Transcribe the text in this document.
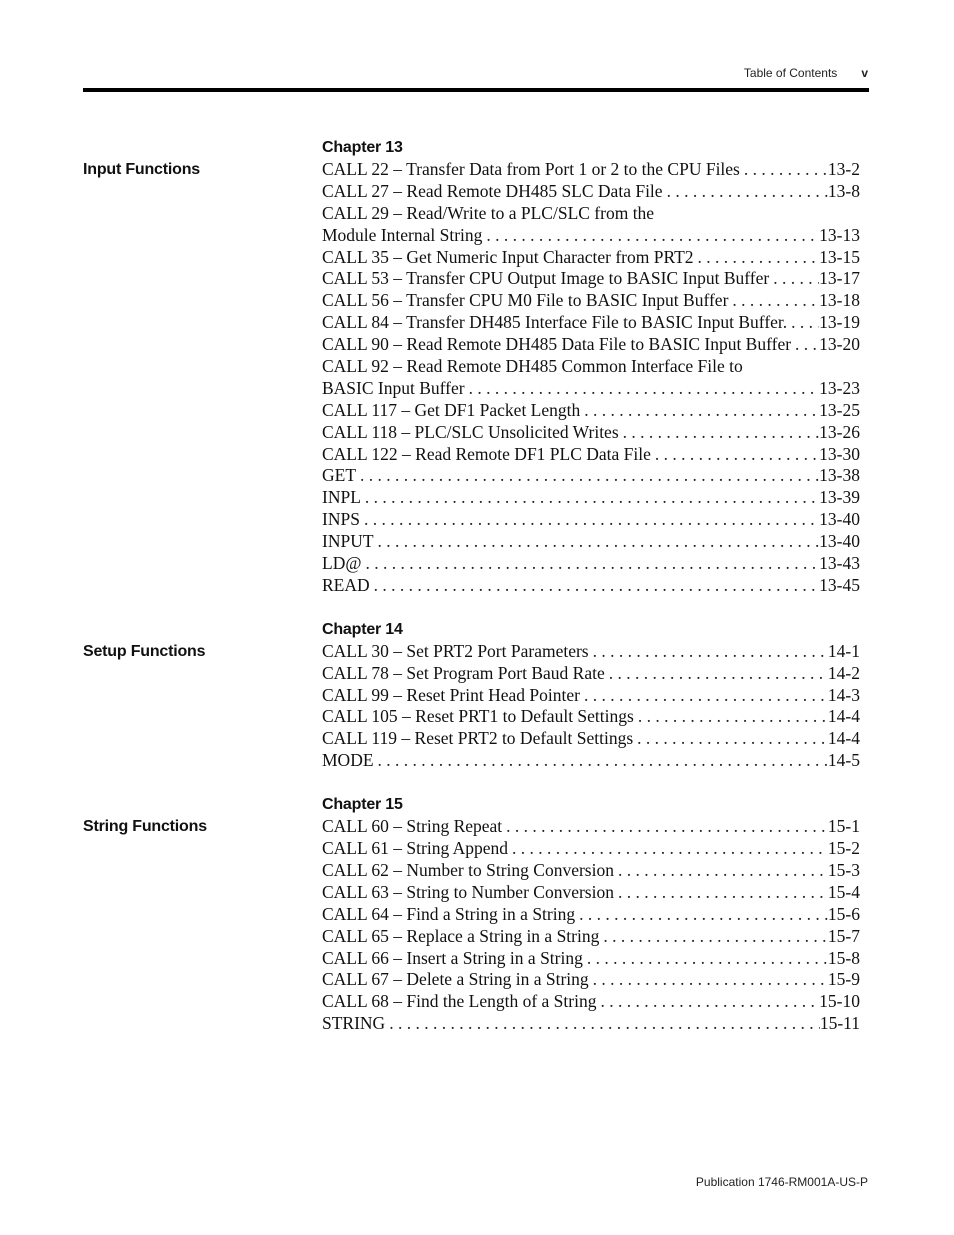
Table of Contents v
Chapter 13
Input Functions	CALL 22 – Transfer Data from Port 1 or 2 to the CPU Files . . .	13-2
CALL 27 – Read Remote DH485 SLC Data File . . .	13-8
CALL 29 – Read/Write to a PLC/SLC from the
Module Internal String . . .	13-13
CALL 35 – Get Numeric Input Character from PRT2 . . .	13-15
CALL 53 – Transfer CPU Output Image to BASIC Input Buffer . . .	13-17
CALL 56 – Transfer CPU M0 File to BASIC Input Buffer . . .	13-18
CALL 84 – Transfer DH485 Interface File to BASIC Input Buffer. . . . 13-19
CALL 90 – Read Remote DH485 Data File to BASIC Input Buffer . . . 13-20
CALL 92 – Read Remote DH485 Common Interface File to
BASIC Input Buffer . . .	13-23
CALL 117 – Get DF1 Packet Length . . .	13-25
CALL 118 – PLC/SLC Unsolicited Writes . . .	13-26
CALL 122 – Read Remote DF1 PLC Data File . . .	13-30
GET . . .	13-38
INPL . . .	13-39
INPS . . .	13-40
INPUT . . .	13-40
LD@ . . .	13-43
READ . . .	13-45
Chapter 14
Setup Functions	CALL 30 – Set PRT2 Port Parameters . . .	14-1
CALL 78 – Set Program Port Baud Rate . . .	14-2
CALL 99 – Reset Print Head Pointer . . .	14-3
CALL 105 – Reset PRT1 to Default Settings . . .	14-4
CALL 119 – Reset PRT2 to Default Settings . . .	14-4
MODE . . .	14-5
Chapter 15
String Functions	CALL 60 – String Repeat . . .	15-1
CALL 61 – String Append . . .	15-2
CALL 62 – Number to String Conversion . . .	15-3
CALL 63 – String to Number Conversion . . .	15-4
CALL 64 – Find a String in a String . . .	15-6
CALL 65 – Replace a String in a String . . .	15-7
CALL 66 – Insert a String in a String . . .	15-8
CALL 67 – Delete a String in a String . . .	15-9
CALL 68 – Find the Length of a String . . .	15-10
STRING . . .	15-11
Publication 1746-RM001A-US-P
